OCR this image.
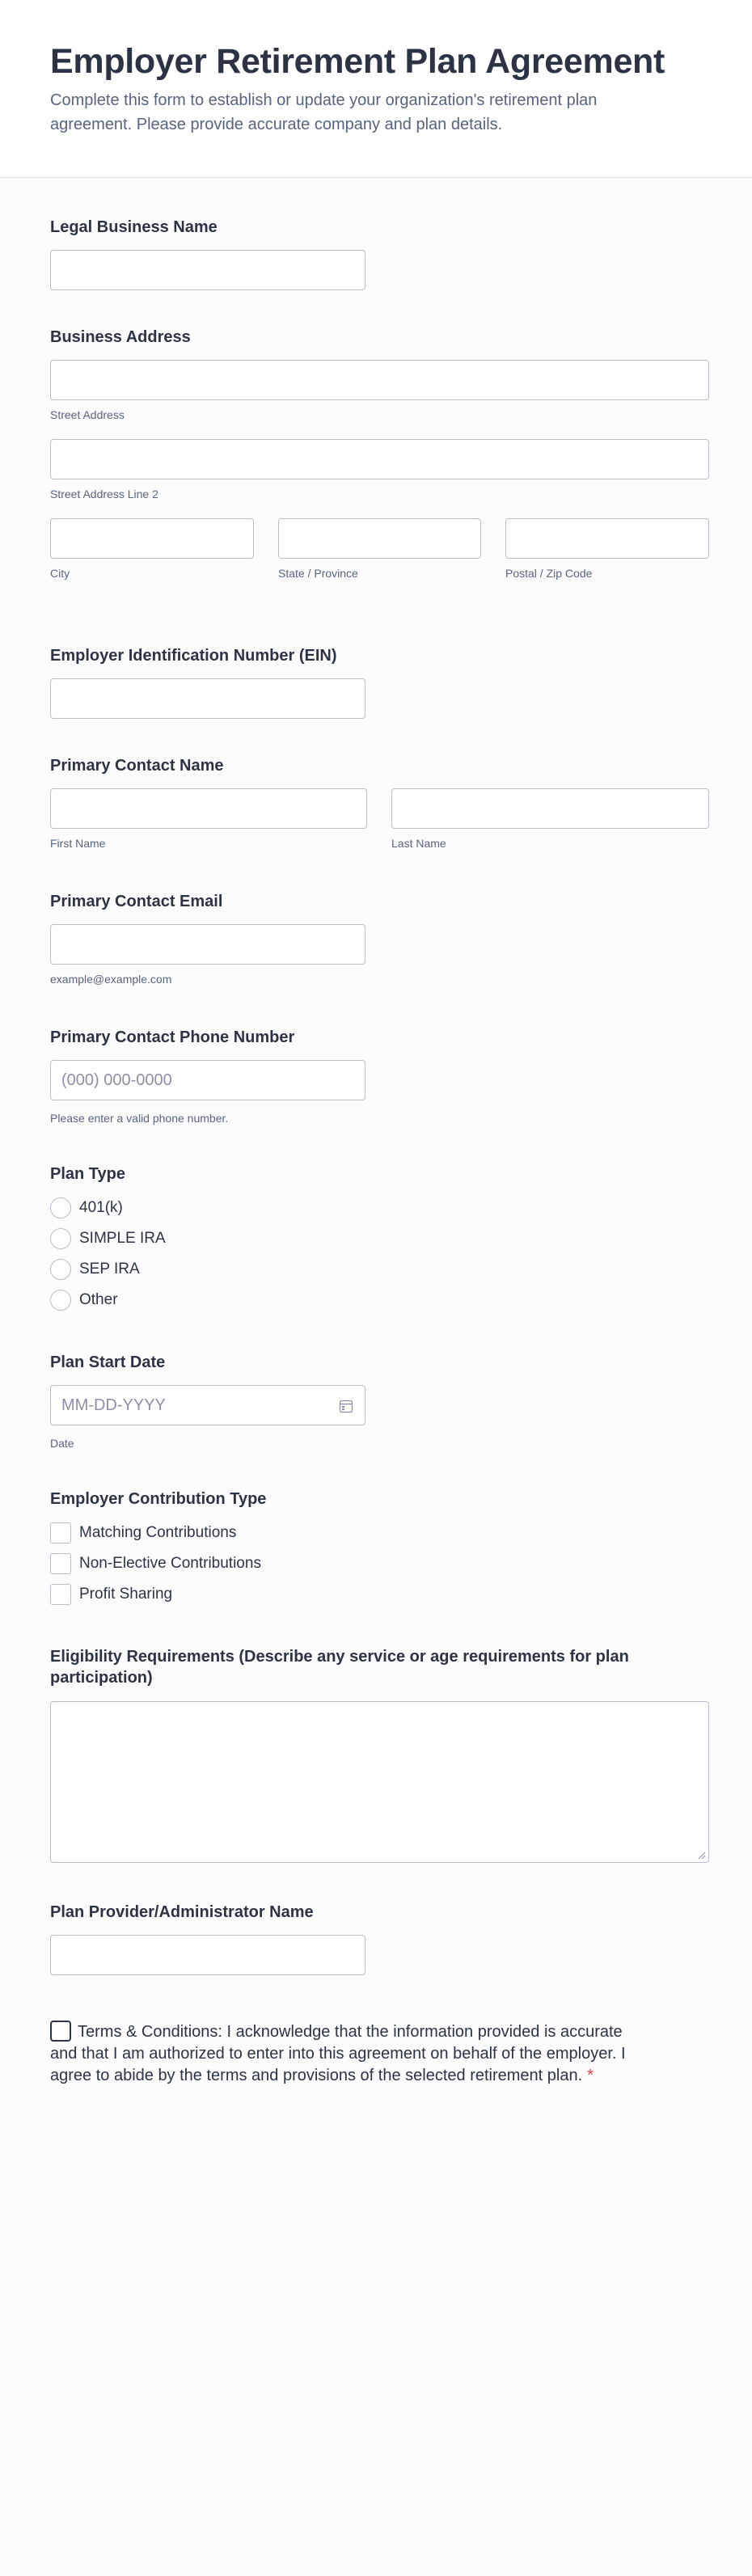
Employer Retirement Plan Agreement

Complete this form to establish or update your organization's retirement plan agreement. Please provide accurate company and plan details.

Legal Business Name
Business Address
Street Address
Street Address Line 2
City	State / Province	Postal / Zip Code
Employer Identification Number (EIN)
Primary Contact Name
First Name	Last Name
Primary Contact Email
example@example.com
Primary Contact Phone Number
(000) 000-0000
Please enter a valid phone number.
Plan Type
401(k)
SIMPLE IRA
SEP IRA
Other
Plan Start Date
MM-DD-YYYY
Date
Employer Contribution Type
Matching Contributions
Non-Elective Contributions
Profit Sharing
Eligibility Requirements (Describe any service or age requirements for plan participation)
Plan Provider/Administrator Name
Terms & Conditions: I acknowledge that the information provided is accurate and that I am authorized to enter into this agreement on behalf of the employer. I agree to abide by the terms and provisions of the selected retirement plan. *
